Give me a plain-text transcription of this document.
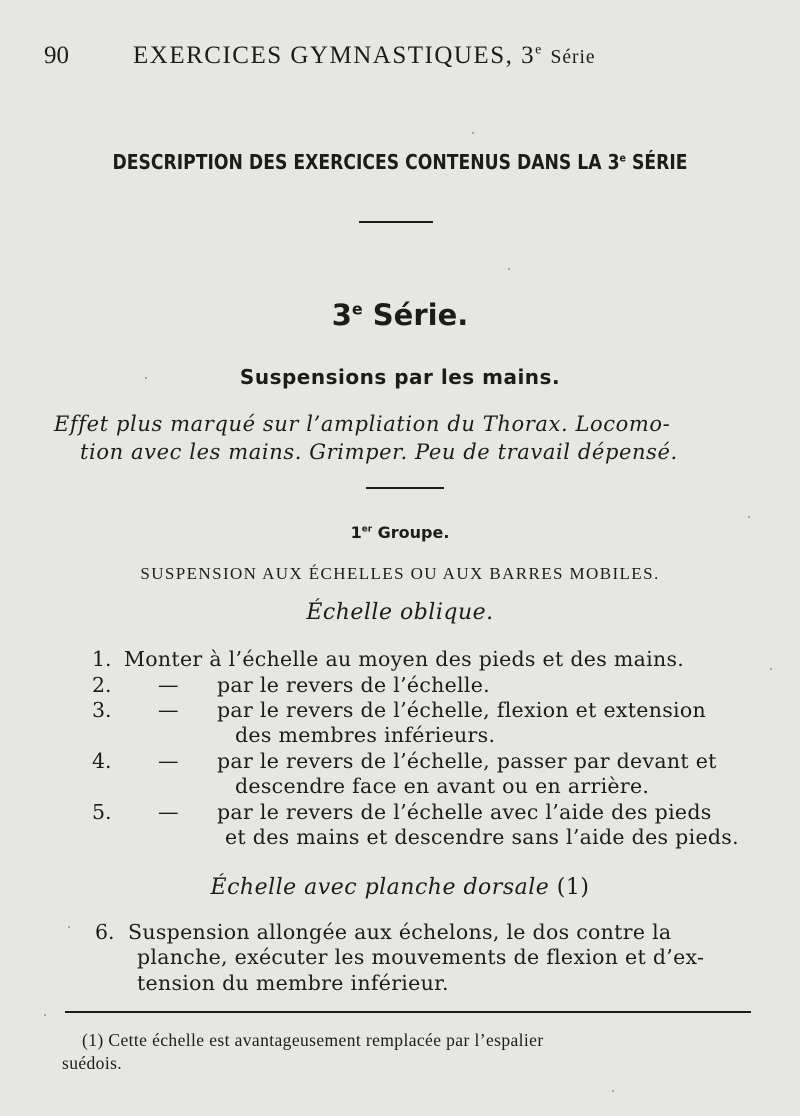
90	EXERCICES GYMNASTIQUES, 3e Série
DESCRIPTION DES EXERCICES CONTENUS DANS LA 3e SÉRIE
3e Série.
Suspensions par les mains.
Effet plus marqué sur l’ampliation du Thorax. Locomo-
tion avec les mains. Grimper. Peu de travail dépensé.
1er Groupe.
SUSPENSION AUX ÉCHELLES OU AUX BARRES MOBILES.
Échelle oblique.
1. Monter à l’échelle au moyen des pieds et des mains.
2. — par le revers de l’échelle.
3. — par le revers de l’échelle, flexion et extension
des membres inférieurs.
4. — par le revers de l’échelle, passer par devant et
descendre face en avant ou en arrière.
5. — par le revers de l’échelle avec l’aide des pieds
et des mains et descendre sans l’aide des pieds.
Échelle avec planche dorsale (1)
6. Suspension allongée aux échelons, le dos contre la
planche, exécuter les mouvements de flexion et d’ex-
tension du membre inférieur.
(1) Cette échelle est avantageusement remplacée par l’espalier
suédois.
